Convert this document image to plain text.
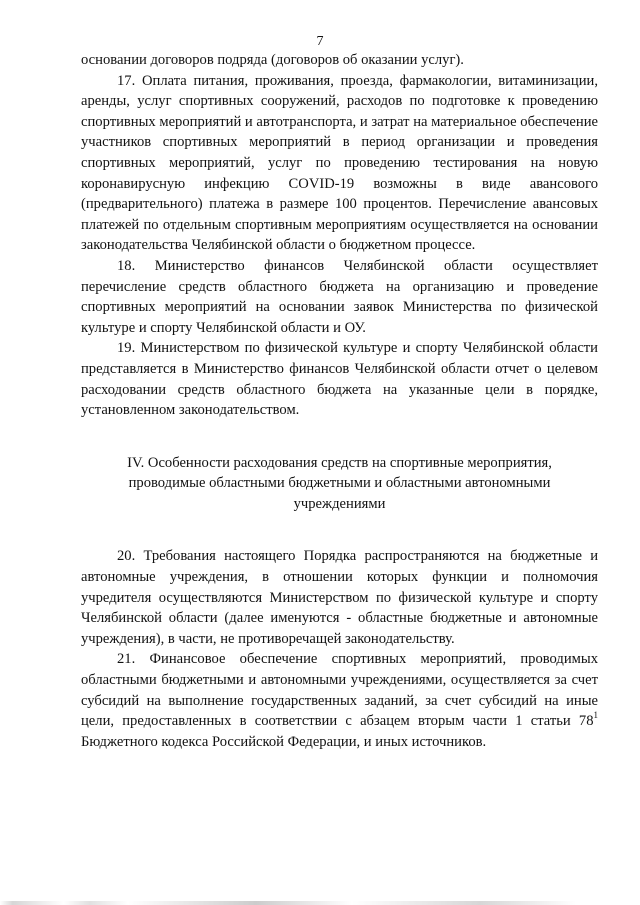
7

основании договоров подряда (договоров об оказании услуг).

17. Оплата питания, проживания, проезда, фармакологии, витаминизации, аренды, услуг спортивных сооружений, расходов по подготовке к проведению спортивных мероприятий и автотранспорта, и затрат на материальное обеспечение участников спортивных мероприятий в период организации и проведения спортивных мероприятий, услуг по проведению тестирования на новую коронавирусную инфекцию COVID-19 возможны в виде авансового (предварительного) платежа в размере 100 процентов. Перечисление авансовых платежей по отдельным спортивным мероприятиям осуществляется на основании законодательства Челябинской области о бюджетном процессе.

18. Министерство финансов Челябинской области осуществляет перечисление средств областного бюджета на организацию и проведение спортивных мероприятий на основании заявок Министерства по физической культуре и спорту Челябинской области и ОУ.

19. Министерством по физической культуре и спорту Челябинской области представляется в Министерство финансов Челябинской области отчет о целевом расходовании средств областного бюджета на указанные цели в порядке, установленном законодательством.

IV. Особенности расходования средств на спортивные мероприятия, проводимые областными бюджетными и областными автономными учреждениями

20. Требования настоящего Порядка распространяются на бюджетные и автономные учреждения, в отношении которых функции и полномочия учредителя осуществляются Министерством по физической культуре и спорту Челябинской области (далее именуются - областные бюджетные и автономные учреждения), в части, не противоречащей законодательству.

21. Финансовое обеспечение спортивных мероприятий, проводимых областными бюджетными и автономными учреждениями, осуществляется за счет субсидий на выполнение государственных заданий, за счет субсидий на иные цели, предоставленных в соответствии с абзацем вторым части 1 статьи $78^1$ Бюджетного кодекса Российской Федерации, и иных источников.
